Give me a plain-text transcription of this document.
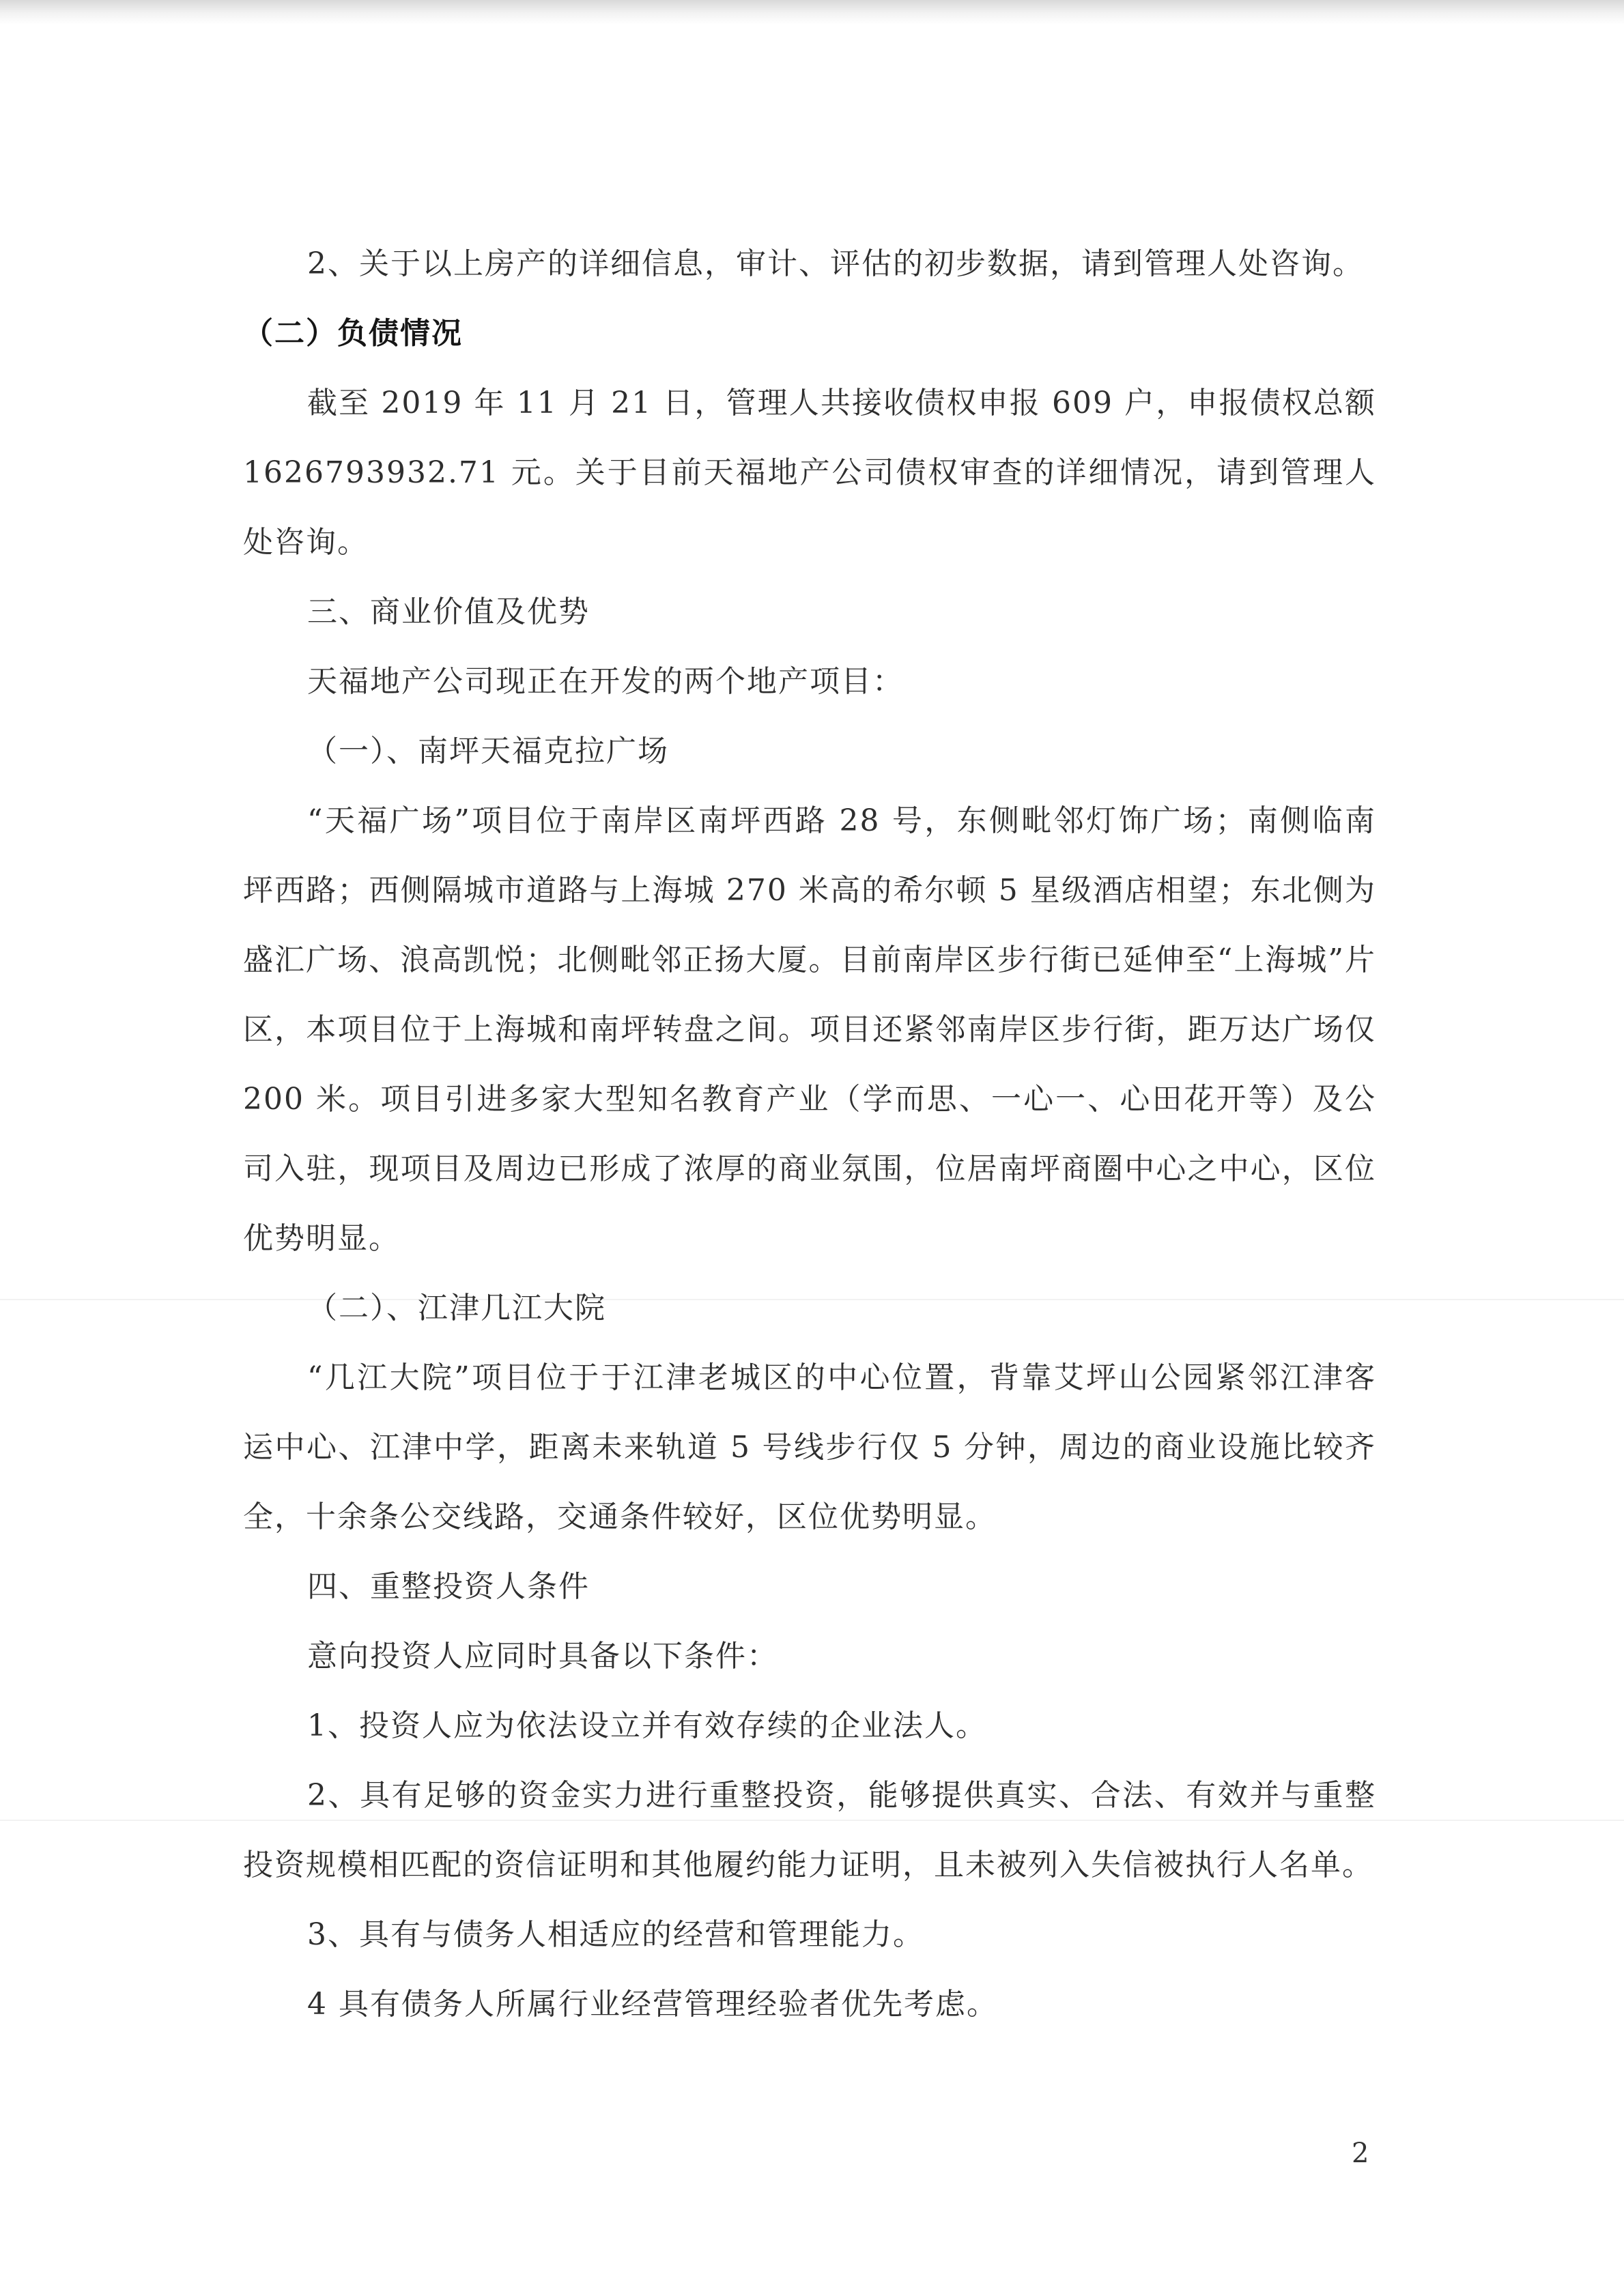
2、关于以上房产的详细信息，审计、评估的初步数据，请到管理人处咨询。

（二）负债情况

截至 2019 年 11 月 21 日，管理人共接收债权申报 609 户，申报债权总额 1626793932.71 元。关于目前天福地产公司债权审查的详细情况，请到管理人处咨询。

三、商业价值及优势

天福地产公司现正在开发的两个地产项目：

（一）、南坪天福克拉广场

“天福广场”项目位于南岸区南坪西路 28 号，东侧毗邻灯饰广场；南侧临南坪西路；西侧隔城市道路与上海城 270 米高的希尔顿 5 星级酒店相望；东北侧为盛汇广场、浪高凯悦；北侧毗邻正扬大厦。目前南岸区步行街已延伸至“上海城”片区，本项目位于上海城和南坪转盘之间。项目还紧邻南岸区步行街，距万达广场仅 200 米。项目引进多家大型知名教育产业（学而思、一心一、心田花开等）及公司入驻，现项目及周边已形成了浓厚的商业氛围，位居南坪商圈中心之中心，区位优势明显。

（二）、江津几江大院

“几江大院”项目位于于江津老城区的中心位置，背靠艾坪山公园紧邻江津客运中心、江津中学，距离未来轨道 5 号线步行仅 5 分钟，周边的商业设施比较齐全，十余条公交线路，交通条件较好，区位优势明显。

四、重整投资人条件

意向投资人应同时具备以下条件：

1、投资人应为依法设立并有效存续的企业法人。

2、具有足够的资金实力进行重整投资，能够提供真实、合法、有效并与重整投资规模相匹配的资信证明和其他履约能力证明，且未被列入失信被执行人名单。

3、具有与债务人相适应的经营和管理能力。

4 具有债务人所属行业经营管理经验者优先考虑。

2
